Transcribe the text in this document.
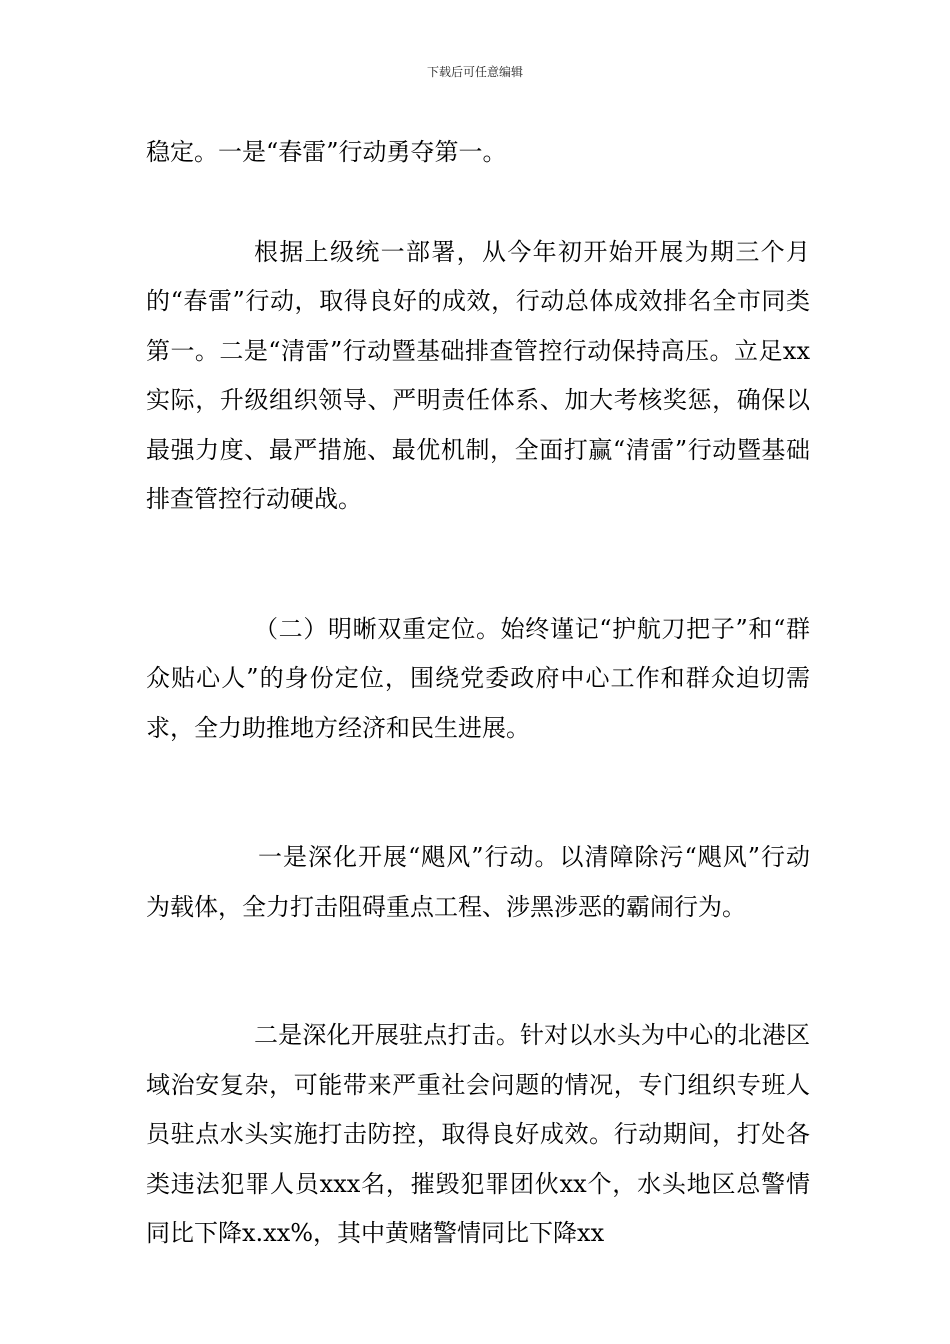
下载后可任意编辑

稳定。一是“春雷”行动勇夺第一。

根据上级统一部署，从今年初开始开展为期三个月的“春雷”行动，取得良好的成效，行动总体成效排名全市同类第一。二是“清雷”行动暨基础排查管控行动保持高压。立足xx实际，升级组织领导、严明责任体系、加大考核奖惩，确保以最强力度、最严措施、最优机制，全面打赢“清雷”行动暨基础排查管控行动硬战。

（二）明晰双重定位。始终谨记“护航刀把子”和“群众贴心人”的身份定位，围绕党委政府中心工作和群众迫切需求，全力助推地方经济和民生进展。

一是深化开展“飓风”行动。以清障除污“飓风”行动为载体，全力打击阻碍重点工程、涉黑涉恶的霸闹行为。

二是深化开展驻点打击。针对以水头为中心的北港区域治安复杂，可能带来严重社会问题的情况，专门组织专班人员驻点水头实施打击防控，取得良好成效。行动期间，打处各类违法犯罪人员xxx名，摧毁犯罪团伙xx个，水头地区总警情同比下降x.xx%，其中黄赌警情同比下降xx
